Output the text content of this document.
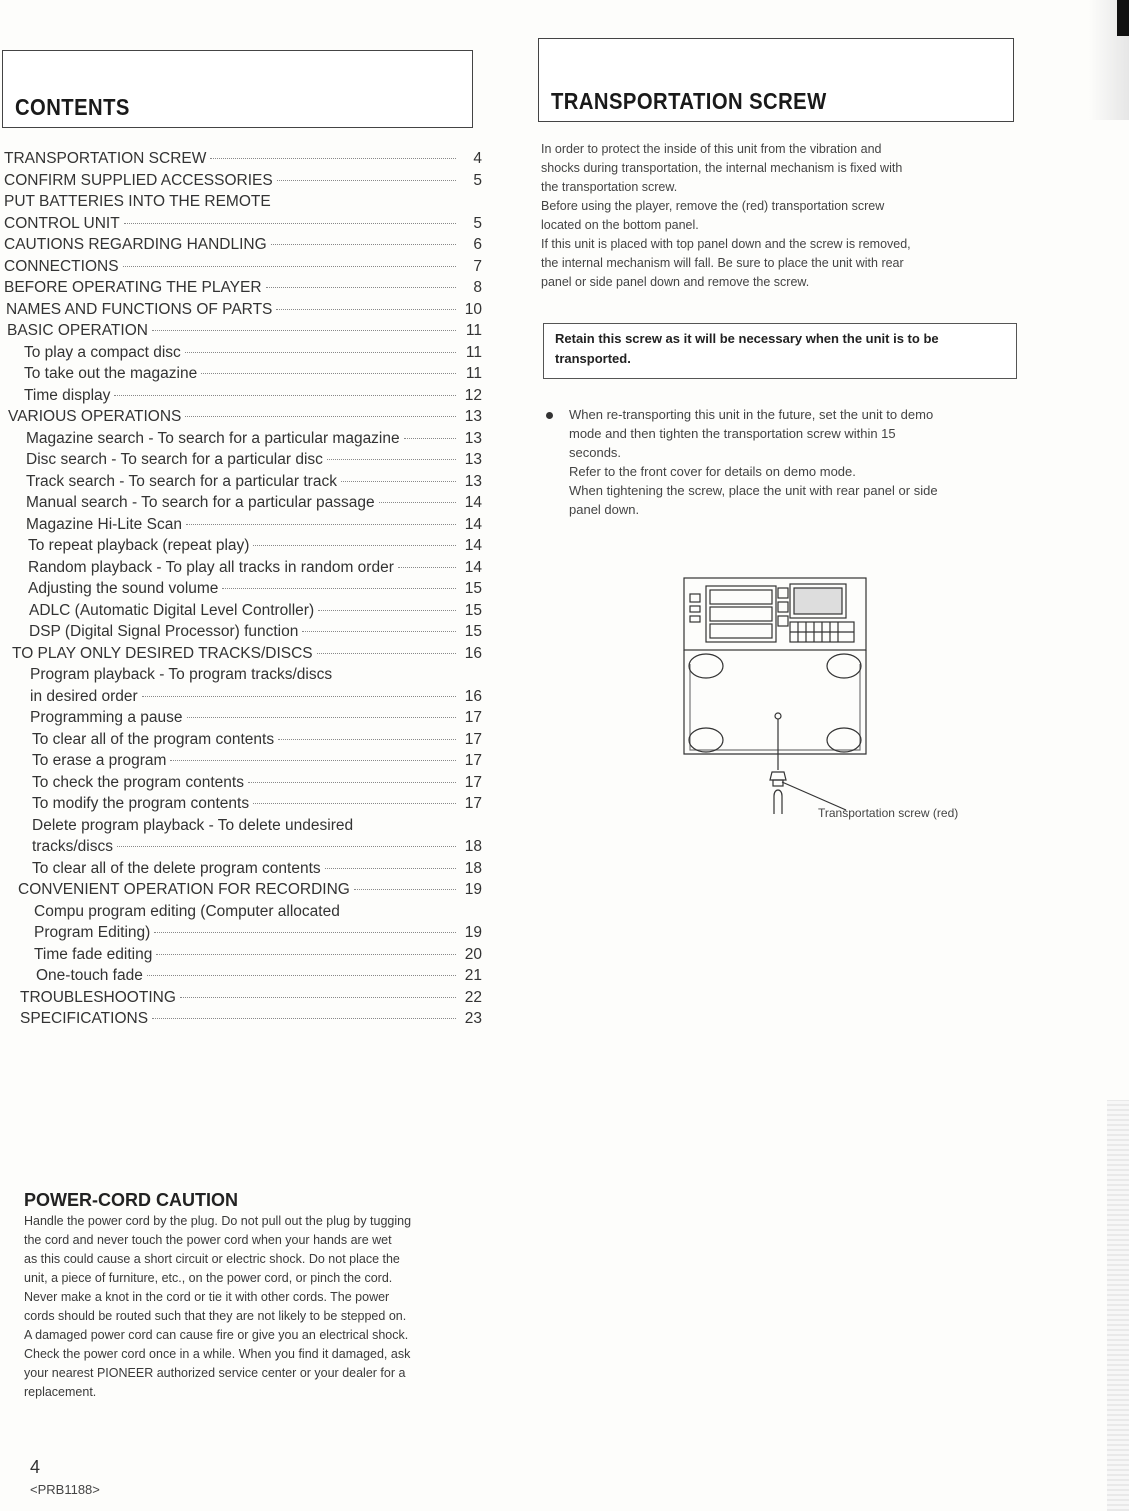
CONTENTS
TRANSPORTATION SCREW	4
CONFIRM SUPPLIED ACCESSORIES	5
PUT BATTERIES INTO THE REMOTE
CONTROL UNIT	5
CAUTIONS REGARDING HANDLING	6
CONNECTIONS	7
BEFORE OPERATING THE PLAYER	8
NAMES AND FUNCTIONS OF PARTS	10
BASIC OPERATION	11
To play a compact disc	11
To take out the magazine	11
Time display	12
VARIOUS OPERATIONS	13
Magazine search - To search for a particular magazine	13
Disc search - To search for a particular disc	13
Track search - To search for a particular track	13
Manual search - To search for a particular passage	14
Magazine Hi-Lite Scan	14
To repeat playback (repeat play)	14
Random playback - To play all tracks in random order	14
Adjusting the sound volume	15
ADLC (Automatic Digital Level Controller)	15
DSP (Digital Signal Processor) function	15
TO PLAY ONLY DESIRED TRACKS/DISCS	16
Program playback - To program tracks/discs
in desired order	16
Programming a pause	17
To clear all of the program contents	17
To erase a program	17
To check the program contents	17
To modify the program contents	17
Delete program playback - To delete undesired
tracks/discs	18
To clear all of the delete program contents	18
CONVENIENT OPERATION FOR RECORDING	19
Compu program editing (Computer allocated
Program Editing)	19
Time fade editing	20
One-touch fade	21
TROUBLESHOOTING	22
SPECIFICATIONS	23
TRANSPORTATION SCREW
In order to protect the inside of this unit from the vibration and
shocks during transportation, the internal mechanism is fixed with
the transportation screw.
Before using the player, remove the (red) transportation screw
located on the bottom panel.
If this unit is placed with top panel down and the screw is removed,
the internal mechanism will fall. Be sure to place the unit with rear
panel or side panel down and remove the screw.
Retain this screw as it will be necessary when the unit is to be transported.
When re-transporting this unit in the future, set the unit to demo
mode and then tighten the transportation screw within 15
seconds.
Refer to the front cover for details on demo mode.
When tightening the screw, place the unit with rear panel or side
panel down.
Transportation screw (red)
POWER-CORD CAUTION
Handle the power cord by the plug. Do not pull out the plug by tugging
the cord and never touch the power cord when your hands are wet
as this could cause a short circuit or electric shock. Do not place the
unit, a piece of furniture, etc., on the power cord, or pinch the cord.
Never make a knot in the cord or tie it with other cords. The power
cords should be routed such that they are not likely to be stepped on.
A damaged power cord can cause fire or give you an electrical shock.
Check the power cord once in a while. When you find it damaged, ask
your nearest PIONEER authorized service center or your dealer for a
replacement.
4
<PRB1188>
